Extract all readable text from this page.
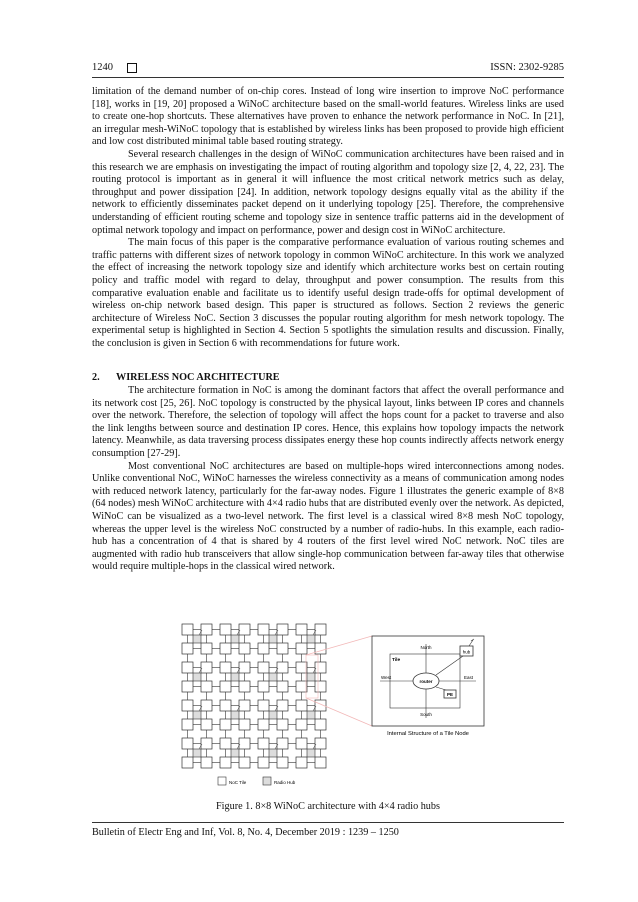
1240	ISSN: 2302-9285

limitation of the demand number of on-chip cores. Instead of long wire insertion to improve NoC performance [18], works in [19, 20] proposed a WiNoC architecture based on the small-world features. Wireless links are used to create one-hop shortcuts. These alternatives have proven to enhance the network performance in NoC. In [21], an irregular mesh-WiNoC topology that is established by wireless links has been proposed to provide high efficient and low cost distributed minimal table based routing strategy.

Several research challenges in the design of WiNoC communication architectures have been raised and in this research we are emphasis on investigating the impact of routing algorithm and topology size [2, 4, 22, 23]. The routing protocol is important as in general it will influence the most critical network metrics such as delay, throughput and power dissipation [24]. In addition, network topology designs equally vital as the ability if the network to efficiently disseminates packet depend on it underlying topology [25]. Therefore, the comprehensive understanding of efficient routing scheme and topology size in sentence traffic patterns aid in the development of optimal network topology and impact on performance, power and design cost in WiNoC architecture.

The main focus of this paper is the comparative performance evaluation of various routing schemes and traffic patterns with different sizes of network topology in common WiNoC architecture. In this work we analyzed the effect of increasing the network topology size and identify which architecture works best on certain routing policy and traffic model with regard to delay, throughput and power consumption. The results from this comparative evaluation enable and facilitate us to identify useful design trade-offs for optimal development of wireless on-chip network based design. This paper is structured as follows. Section 2 reviews the generic architecture of Wireless NoC. Section 3 discusses the popular routing algorithm for mesh network topology. The experimental setup is highlighted in Section 4. Section 5 spotlights the simulation results and discussion. Finally, the conclusion is given in Section 6 with recommendations for future work.

2. WIRELESS NOC ARCHITECTURE

The architecture formation in NoC is among the dominant factors that affect the overall performance and its network cost [25, 26]. NoC topology is constructed by the physical layout, links between IP cores and channels over the network. Therefore, the selection of topology will affect the hops count for a packet to traverse and also the link lengths between source and destination IP cores. Hence, this explains how topology impacts the network latency. Meanwhile, as data traversing process dissipates energy these hop counts indirectly affects network energy consumption [27-29].

Most conventional NoC architectures are based on multiple-hops wired interconnections among nodes. Unlike conventional NoC, WiNoC harnesses the wireless connectivity as a means of communication among nodes with reduced network latency, particularly for the far-away nodes. Figure 1 illustrates the generic example of 8×8 (64 nodes) mesh WiNoC architecture with 4×4 radio hubs that are distributed evenly over the network. As depicted, WiNoC can be visualized as a two-level network. The first level is a classical wired 8×8 mesh NoC topology, whereas the upper level is the wireless NoC constructed by a number of radio-hubs. In this example, each radio-hub has a concentration of 4 that is shared by 4 routers of the first level wired NoC network. NoC tiles are augmented with radio hub transceivers that allow single-hop communication between far-away tiles that otherwise would require multiple-hops in the classical wired network.

hub
router
PE
Tile
North
South
West	East
Internal Structure of a Tile Node
NoC Tile	Radio Hub
Figure 1. 8×8 WiNoC architecture with 4×4 radio hubs
Bulletin of Electr Eng and Inf, Vol. 8, No. 4, December 2019 : 1239 – 1250
